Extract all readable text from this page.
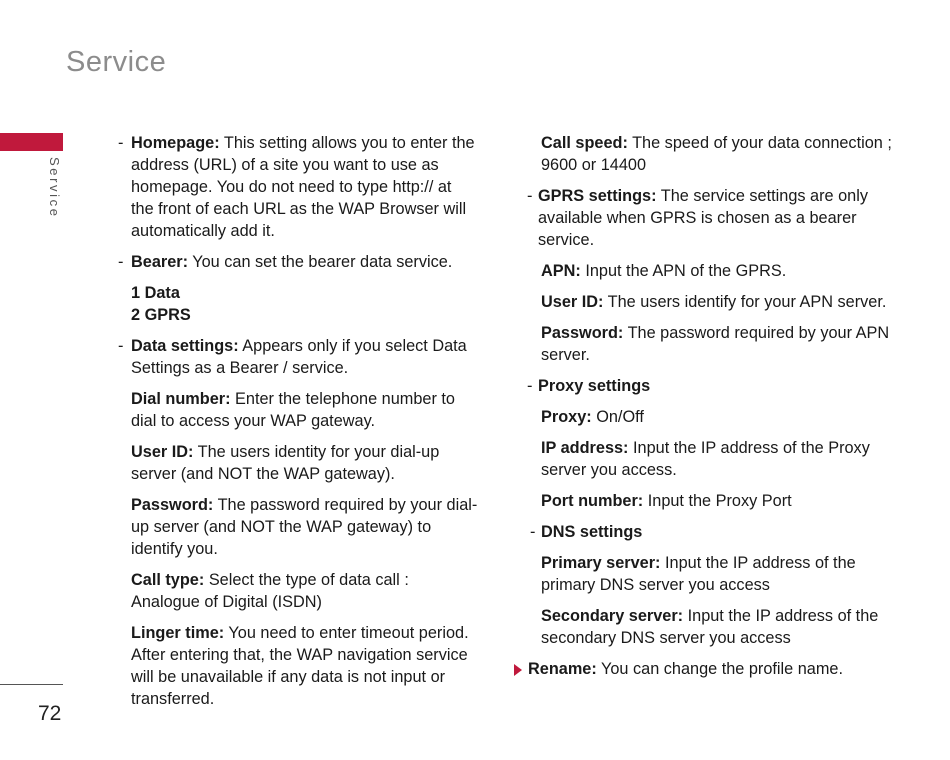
Service
Service
72

- Homepage: This setting allows you to enter the address (URL) of a site you want to use as homepage. You do not need to type http:// at the front of each URL as the WAP Browser will automatically add it.

- Bearer: You can set the bearer data service.

1 Data

2 GPRS

- Data settings: Appears only if you select Data Settings as a Bearer / service.

Dial number: Enter the telephone number to dial to access your WAP gateway.

User ID: The users identity for your dial-up server (and NOT the WAP gateway).

Password: The password required by your dial-up server (and NOT the WAP gateway) to identify you.

Call type: Select the type of data call : Analogue of Digital (ISDN)

Linger time: You need to enter timeout period. After entering that, the WAP navigation service will be unavailable if any data is not input or transferred.

Call speed: The speed of your data connection ; 9600 or 14400

- GPRS settings: The service settings are only available when GPRS is chosen as a bearer service.

APN: Input the APN of the GPRS.

User ID: The users identify for your APN server.

Password: The password required by your APN server.

- Proxy settings

Proxy: On/Off

IP address: Input the IP address of the Proxy server you access.

Port number: Input the Proxy Port

- DNS settings

Primary server: Input the IP address of the primary DNS server you access

Secondary server: Input the IP address of the secondary DNS server you access

Rename: You can change the profile name.
